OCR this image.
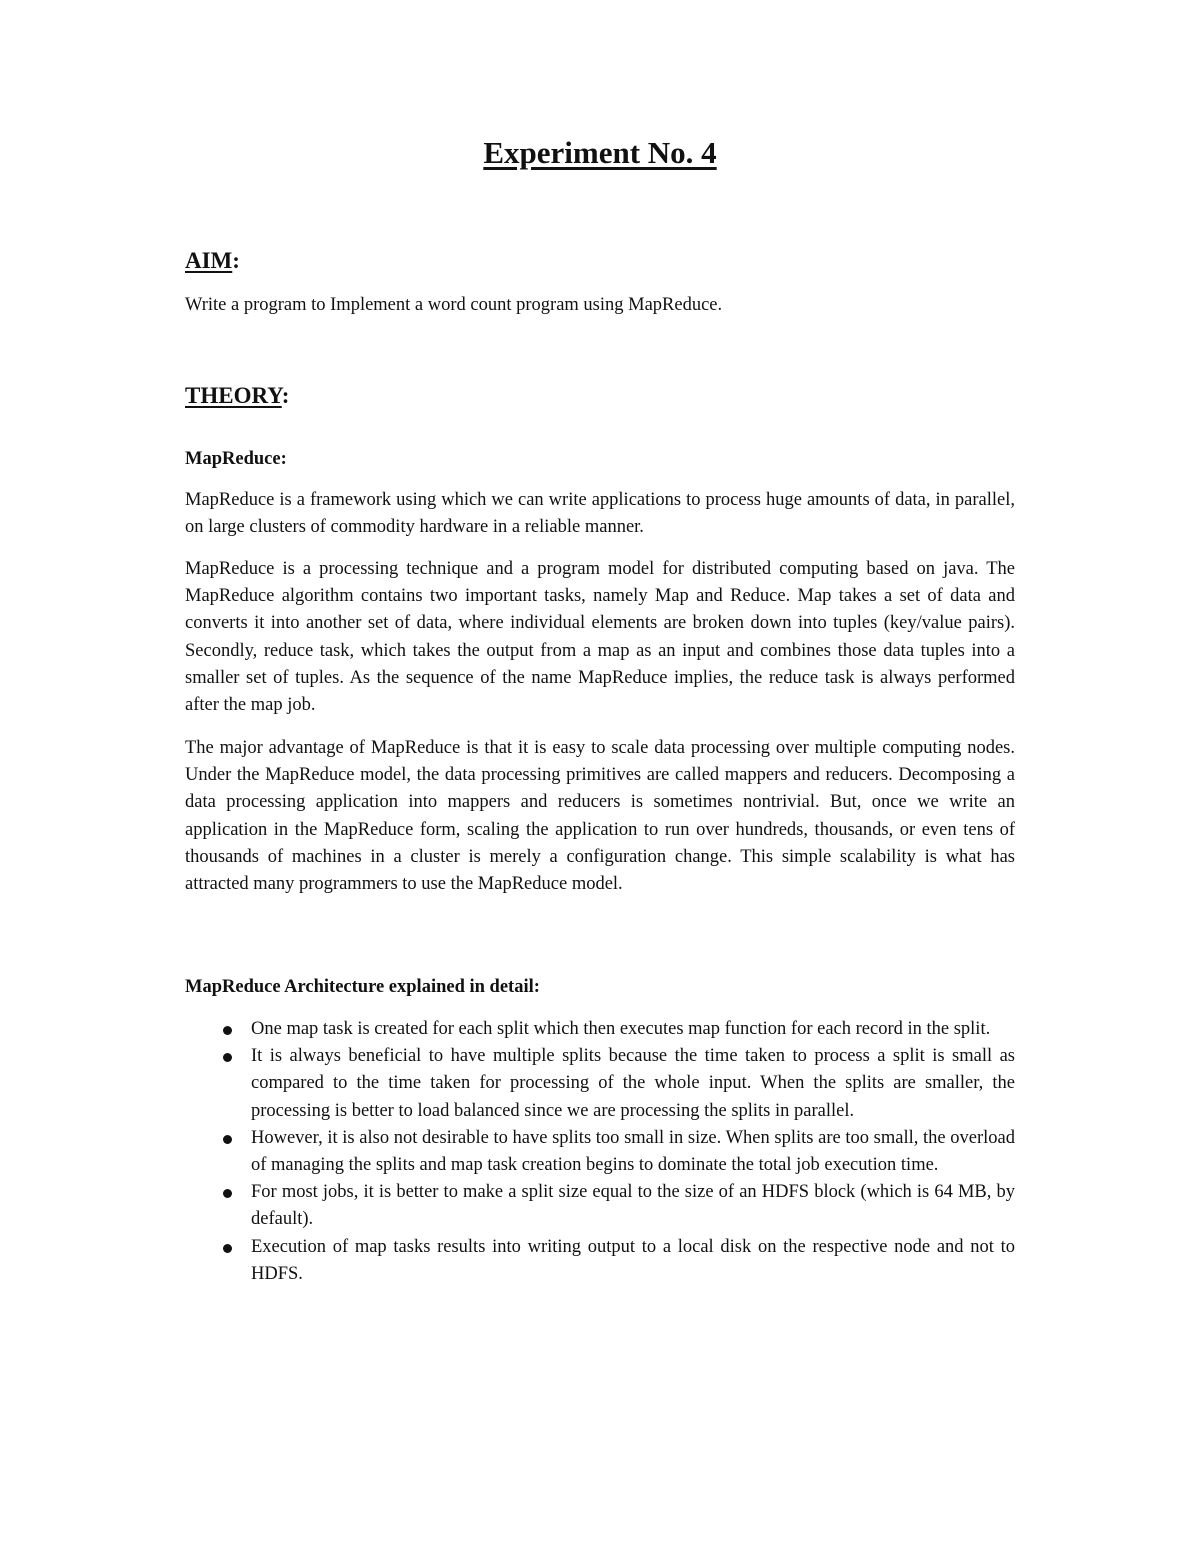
Experiment No. 4
AIM:

Write a program to Implement a word count program using MapReduce.

THEORY:
MapReduce:

MapReduce is a framework using which we can write applications to process huge amounts of data, in parallel, on large clusters of commodity hardware in a reliable manner.

MapReduce is a processing technique and a program model for distributed computing based on java. The MapReduce algorithm contains two important tasks, namely Map and Reduce. Map takes a set of data and converts it into another set of data, where individual elements are broken down into tuples (key/value pairs). Secondly, reduce task, which takes the output from a map as an input and combines those data tuples into a smaller set of tuples. As the sequence of the name MapReduce implies, the reduce task is always performed after the map job.

The major advantage of MapReduce is that it is easy to scale data processing over multiple computing nodes. Under the MapReduce model, the data processing primitives are called mappers and reducers. Decomposing a data processing application into mappers and reducers is sometimes nontrivial. But, once we write an application in the MapReduce form, scaling the application to run over hundreds, thousands, or even tens of thousands of machines in a cluster is merely a configuration change. This simple scalability is what has attracted many programmers to use the MapReduce model.

MapReduce Architecture explained in detail:
One map task is created for each split which then executes map function for each record in the split.
It is always beneficial to have multiple splits because the time taken to process a split is small as compared to the time taken for processing of the whole input. When the splits are smaller, the processing is better to load balanced since we are processing the splits in parallel.
However, it is also not desirable to have splits too small in size. When splits are too small, the overload of managing the splits and map task creation begins to dominate the total job execution time.
For most jobs, it is better to make a split size equal to the size of an HDFS block (which is 64 MB, by default).
Execution of map tasks results into writing output to a local disk on the respective node and not to HDFS.
